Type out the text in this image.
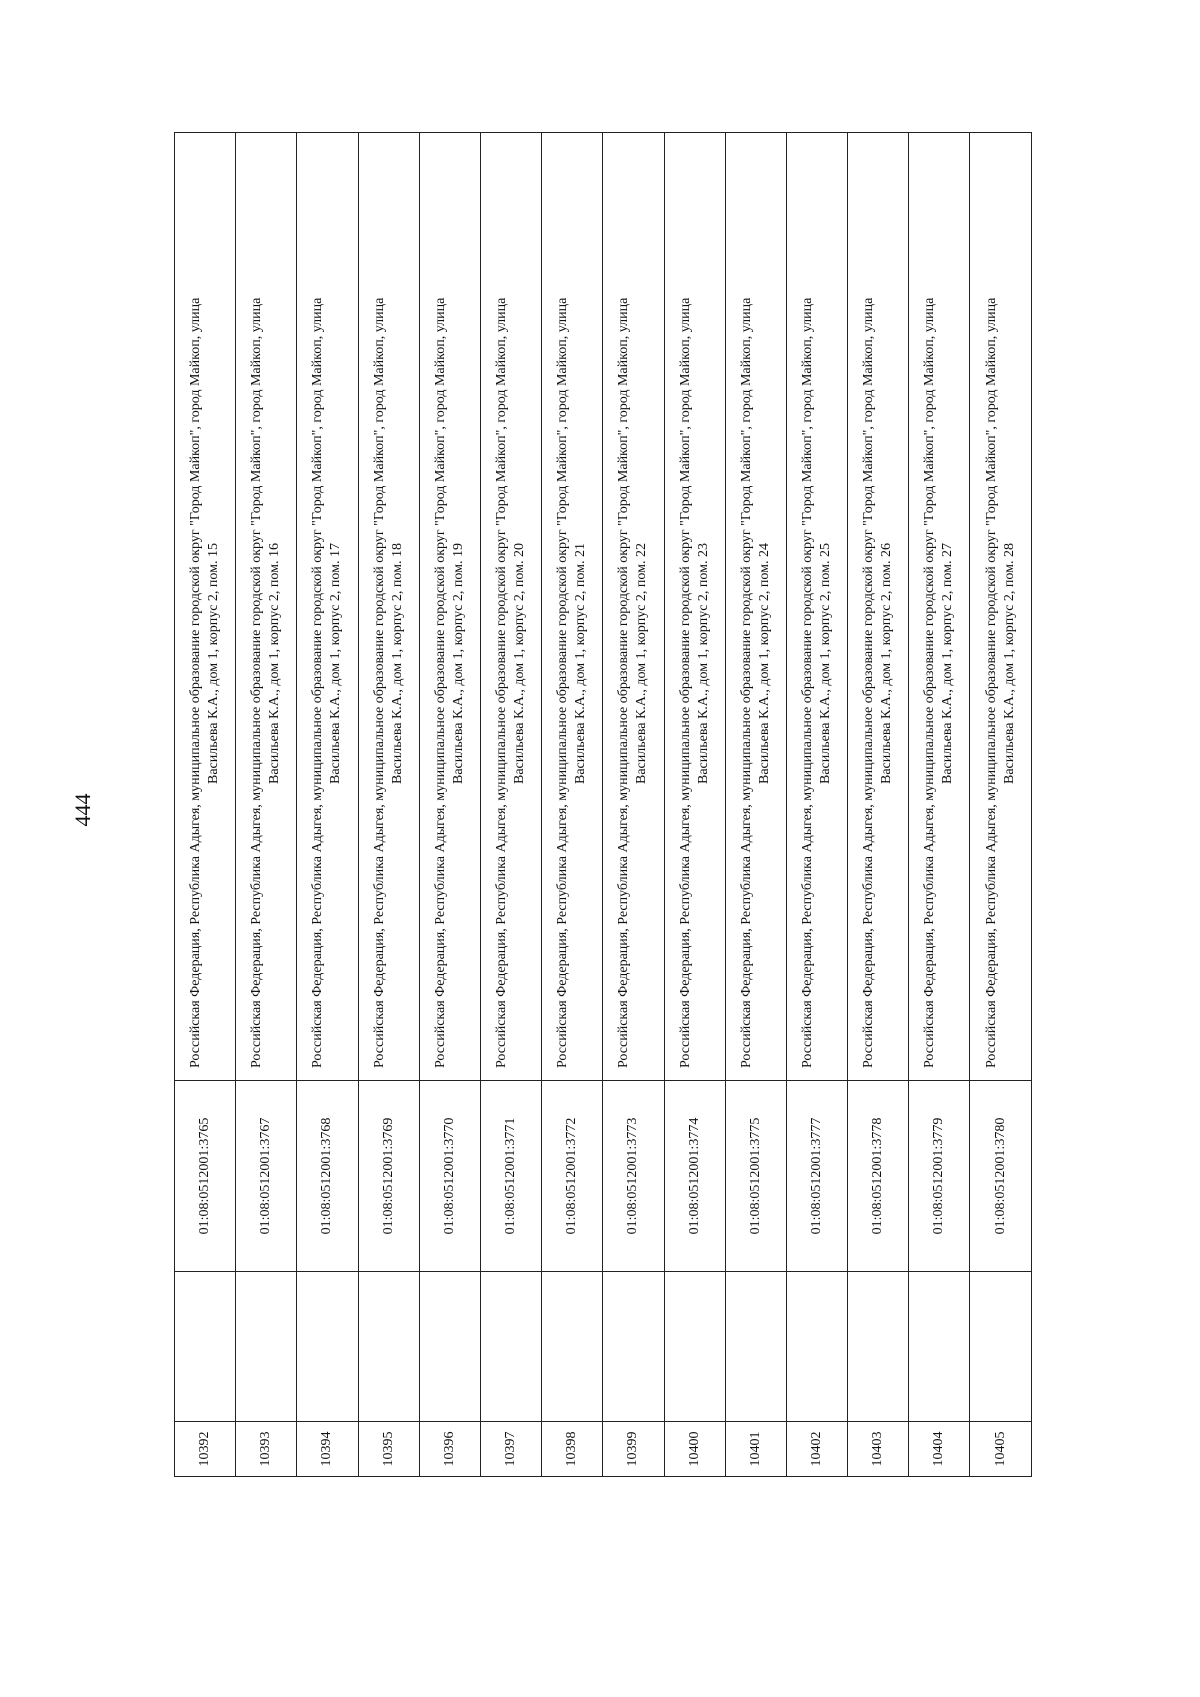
444
10392		01:08:0512001:3765	Российская Федерация, Республика Адыгея, муниципальное образование городской округ "Город Майкоп", город Майкоп, улица Васильева К.А., дом 1, корпус 2, пом. 15

10393		01:08:0512001:3767	Российская Федерация, Республика Адыгея, муниципальное образование городской округ "Город Майкоп", город Майкоп, улица Васильева К.А., дом 1, корпус 2, пом. 16

10394		01:08:0512001:3768	Российская Федерация, Республика Адыгея, муниципальное образование городской округ "Город Майкоп", город Майкоп, улица Васильева К.А., дом 1, корпус 2, пом. 17

10395		01:08:0512001:3769	Российская Федерация, Республика Адыгея, муниципальное образование городской округ "Город Майкоп", город Майкоп, улица Васильева К.А., дом 1, корпус 2, пом. 18

10396		01:08:0512001:3770	Российская Федерация, Республика Адыгея, муниципальное образование городской округ "Город Майкоп", город Майкоп, улица Васильева К.А., дом 1, корпус 2, пом. 19

10397		01:08:0512001:3771	Российская Федерация, Республика Адыгея, муниципальное образование городской округ "Город Майкоп", город Майкоп, улица Васильева К.А., дом 1, корпус 2, пом. 20

10398		01:08:0512001:3772	Российская Федерация, Республика Адыгея, муниципальное образование городской округ "Город Майкоп", город Майкоп, улица Васильева К.А., дом 1, корпус 2, пом. 21

10399		01:08:0512001:3773	Российская Федерация, Республика Адыгея, муниципальное образование городской округ "Город Майкоп", город Майкоп, улица Васильева К.А., дом 1, корпус 2, пом. 22

10400		01:08:0512001:3774	Российская Федерация, Республика Адыгея, муниципальное образование городской округ "Город Майкоп", город Майкоп, улица Васильева К.А., дом 1, корпус 2, пом. 23

10401		01:08:0512001:3775	Российская Федерация, Республика Адыгея, муниципальное образование городской округ "Город Майкоп", город Майкоп, улица Васильева К.А., дом 1, корпус 2, пом. 24

10402		01:08:0512001:3777	Российская Федерация, Республика Адыгея, муниципальное образование городской округ "Город Майкоп", город Майкоп, улица Васильева К.А., дом 1, корпус 2, пом. 25

10403		01:08:0512001:3778	Российская Федерация, Республика Адыгея, муниципальное образование городской округ "Город Майкоп", город Майкоп, улица Васильева К.А., дом 1, корпус 2, пом. 26

10404		01:08:0512001:3779	Российская Федерация, Республика Адыгея, муниципальное образование городской округ "Город Майкоп", город Майкоп, улица Васильева К.А., дом 1, корпус 2, пом. 27

10405		01:08:0512001:3780	Российская Федерация, Республика Адыгея, муниципальное образование городской округ "Город Майкоп", город Майкоп, улица Васильева К.А., дом 1, корпус 2, пом. 28
